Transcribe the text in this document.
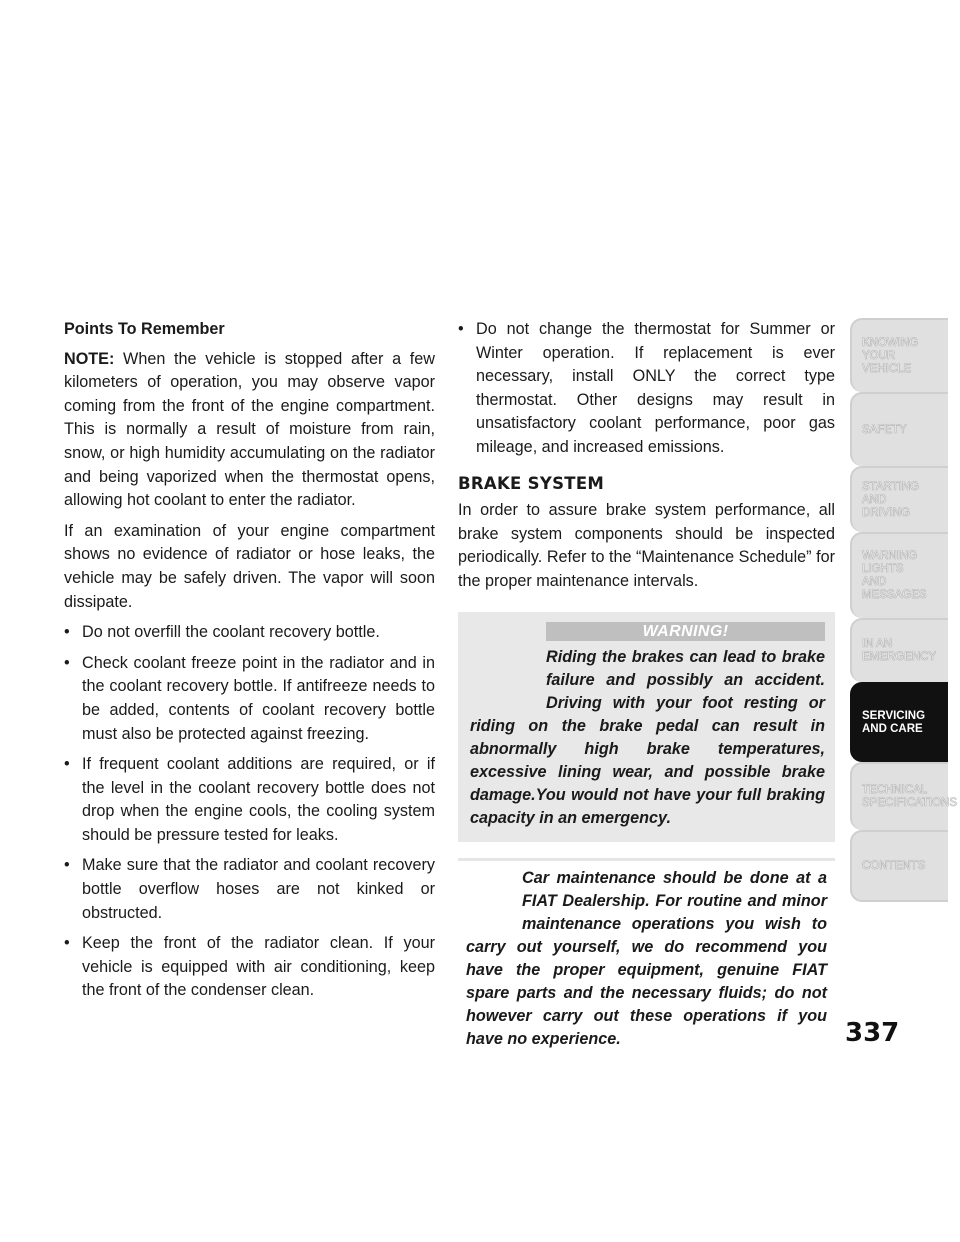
Points To Remember

NOTE: When the vehicle is stopped after a few kilometers of operation, you may observe vapor coming from the front of the engine compartment. This is normally a result of moisture from rain, snow, or high humidity accumulating on the radiator and being vaporized when the thermostat opens, allowing hot coolant to enter the radiator.

If an examination of your engine compartment shows no evidence of radiator or hose leaks, the vehicle may be safely driven. The vapor will soon dissipate.

• Do not overfill the coolant recovery bottle.
• Check coolant freeze point in the radiator and in the coolant recovery bottle. If antifreeze needs to be added, contents of coolant recovery bottle must also be protected against freezing.
• If frequent coolant additions are required, or if the level in the coolant recovery bottle does not drop when the engine cools, the cooling system should be pressure tested for leaks.
• Make sure that the radiator and coolant recovery bottle overflow hoses are not kinked or obstructed.
• Keep the front of the radiator clean. If your vehicle is equipped with air conditioning, keep the front of the condenser clean.
• Do not change the thermostat for Summer or Winter operation. If replacement is ever necessary, install ONLY the correct type thermostat. Other designs may result in unsatisfactory coolant performance, poor gas mileage, and increased emissions.
BRAKE SYSTEM

In order to assure brake system performance, all brake system components should be inspected periodically. Refer to the “Maintenance Schedule” for the proper maintenance intervals.

WARNING!
Riding the brakes can lead to brake failure and possibly an accident. Driving with your foot resting or riding on the brake pedal can result in abnormally high brake temperatures, excessive lining wear, and possible brake damage.You would not have your full braking capacity in an emergency.
Car maintenance should be done at a FIAT Dealership. For routine and minor maintenance operations you wish to carry out yourself, we do recommend you have the proper equipment, genuine FIAT spare parts and the necessary fluids; do not however carry out these operations if you have no experience.
KNOWING
YOUR
VEHICLE
SAFETY
STARTING
AND
DRIVING
WARNING
LIGHTS
AND
MESSAGES
IN AN
EMERGENCY
SERVICING
AND CARE
TECHNICAL
SPECIFICATIONS
CONTENTS
337
